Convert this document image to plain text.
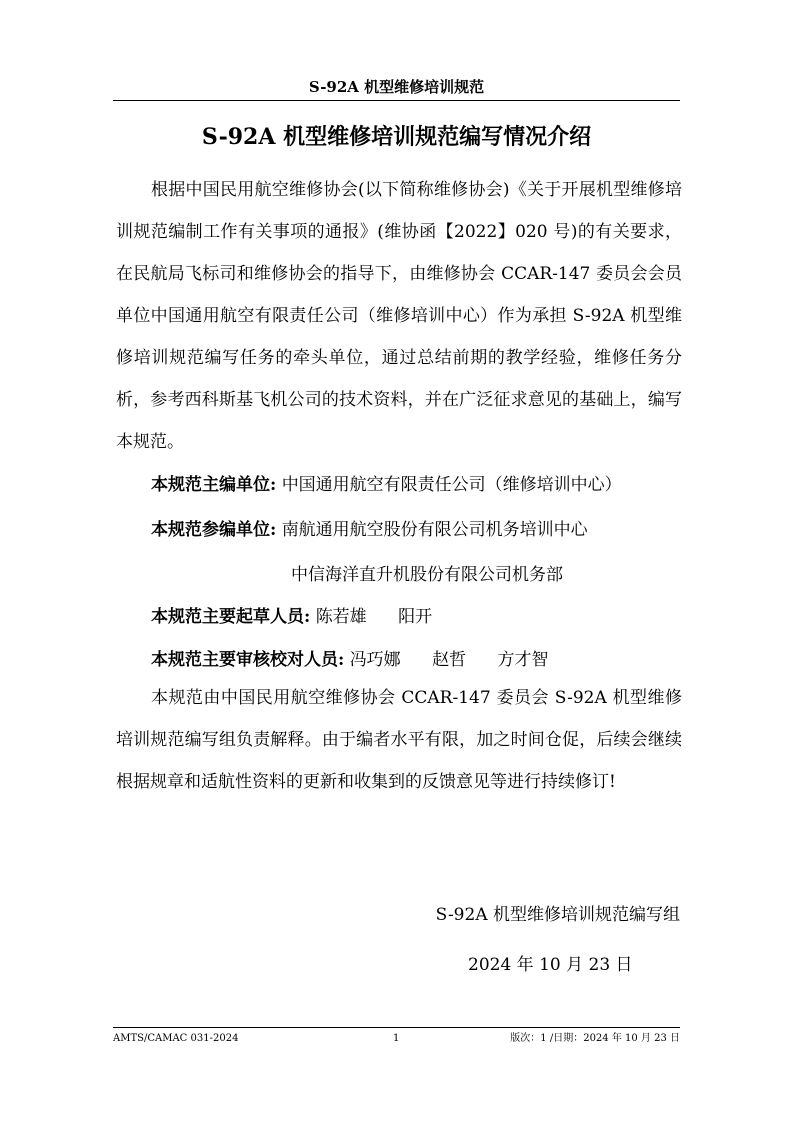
S-92A 机型维修培训规范
S-92A 机型维修培训规范编写情况介绍
根据中国民用航空维修协会(以下简称维修协会)《关于开展机型维修培训规范编制工作有关事项的通报》(维协函【2022】020 号)的有关要求，在民航局飞标司和维修协会的指导下，由维修协会 CCAR-147 委员会会员单位中国通用航空有限责任公司（维修培训中心）作为承担 S-92A 机型维修培训规范编写任务的牵头单位，通过总结前期的教学经验，维修任务分析，参考西科斯基飞机公司的技术资料，并在广泛征求意见的基础上，编写本规范。
本规范主编单位: 中国通用航空有限责任公司（维修培训中心）
本规范参编单位: 南航通用航空股份有限公司机务培训中心
中信海洋直升机股份有限公司机务部
本规范主要起草人员: 陈若雄 阳开
本规范主要审核校对人员: 冯巧娜 赵哲 方才智
本规范由中国民用航空维修协会 CCAR-147 委员会 S-92A 机型维修培训规范编写组负责解释。由于编者水平有限，加之时间仓促，后续会继续根据规章和适航性资料的更新和收集到的反馈意见等进行持续修订!
S-92A 机型维修培训规范编写组
2024 年 10 月 23 日
AMTS/CAMAC 031-2024	1	版次：1 /日期：2024 年 10 月 23 日
